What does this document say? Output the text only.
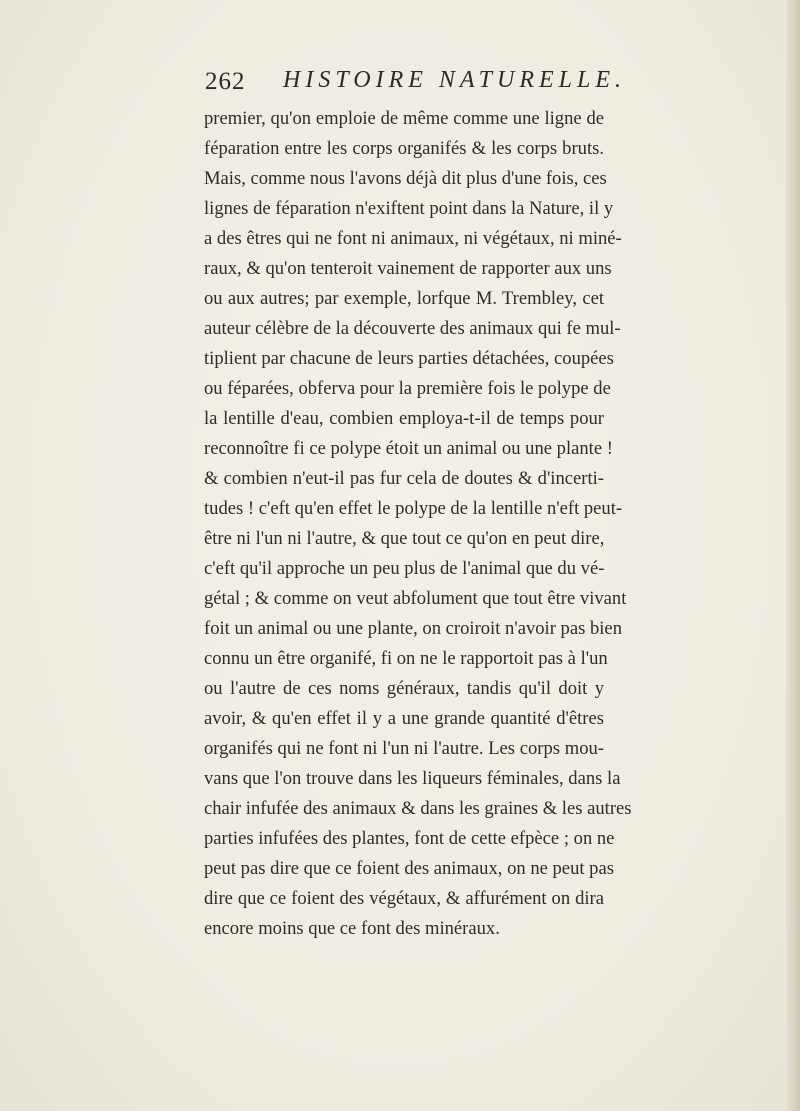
262 HISTOIRE NATURELLE.
premier, qu'on emploie de même comme une ligne de
féparation entre les corps organifés & les corps bruts.
Mais, comme nous l'avons déjà dit plus d'une fois, ces
lignes de féparation n'exiftent point dans la Nature, il y
a des êtres qui ne font ni animaux, ni végétaux, ni miné-
raux, & qu'on tenteroit vainement de rapporter aux uns
ou aux autres; par exemple, lorfque M. Trembley, cet
auteur célèbre de la découverte des animaux qui fe mul-
tiplient par chacune de leurs parties détachées, coupées
ou féparées, obferva pour la première fois le polype de
la lentille d'eau, combien employa-t-il de temps pour
reconnoître fi ce polype étoit un animal ou une plante !
& combien n'eut-il pas fur cela de doutes & d'incerti-
tudes ! c'eft qu'en effet le polype de la lentille n'eft peut-
être ni l'un ni l'autre, & que tout ce qu'on en peut dire,
c'eft qu'il approche un peu plus de l'animal que du vé-
gétal ; & comme on veut abfolument que tout être vivant
foit un animal ou une plante, on croiroit n'avoir pas bien
connu un être organifé, fi on ne le rapportoit pas à l'un
ou l'autre de ces noms généraux, tandis qu'il doit y
avoir, & qu'en effet il y a une grande quantité d'êtres
organifés qui ne font ni l'un ni l'autre. Les corps mou-
vans que l'on trouve dans les liqueurs féminales, dans la
chair infufée des animaux & dans les graines & les autres
parties infufées des plantes, font de cette efpèce ; on ne
peut pas dire que ce foient des animaux, on ne peut pas
dire que ce foient des végétaux, & affurément on dira
encore moins que ce font des minéraux.
